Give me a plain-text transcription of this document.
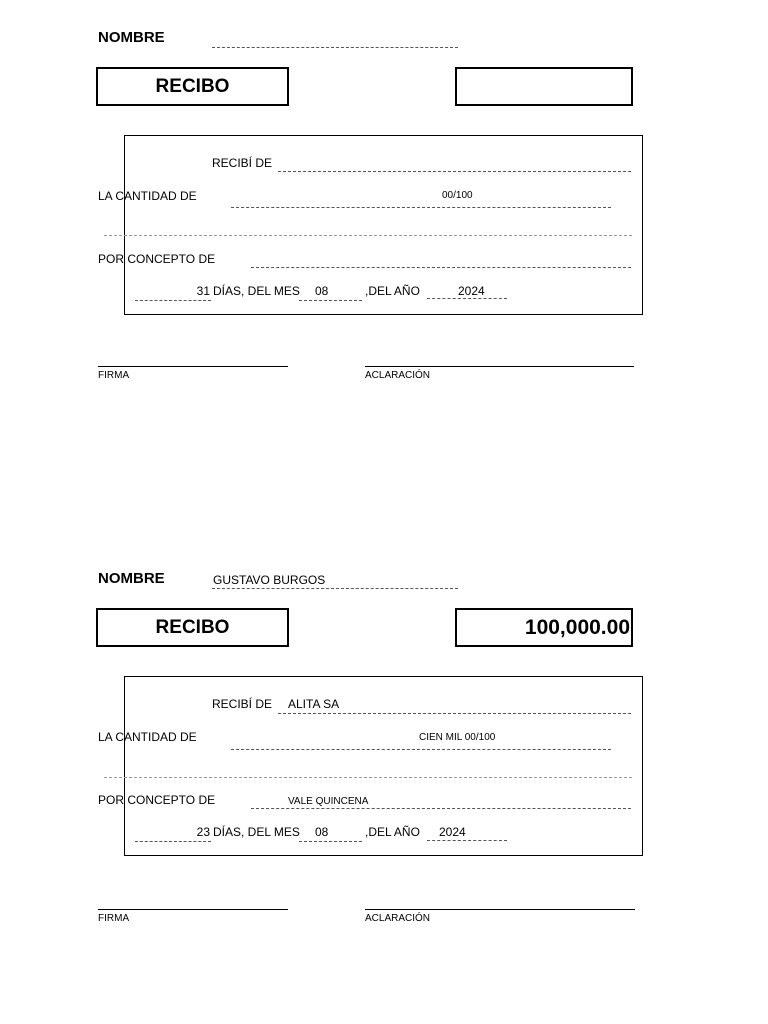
NOMBRE
RECIBO
RECIBÍ DE
LA CANTIDAD DE	00/100
POR CONCEPTO DE
31 DÍAS, DEL MES 08	,DEL AÑO	2024
FIRMA	ACLARACIÓN
NOMBRE	GUSTAVO BURGOS
RECIBO	100,000.00
RECIBÍ DE ALITA SA
LA CANTIDAD DE	CIEN MIL 00/100
POR CONCEPTO DE	VALE QUINCENA
23 DÍAS, DEL MES 08	,DEL AÑO 2024
FIRMA	ACLARACIÓN
